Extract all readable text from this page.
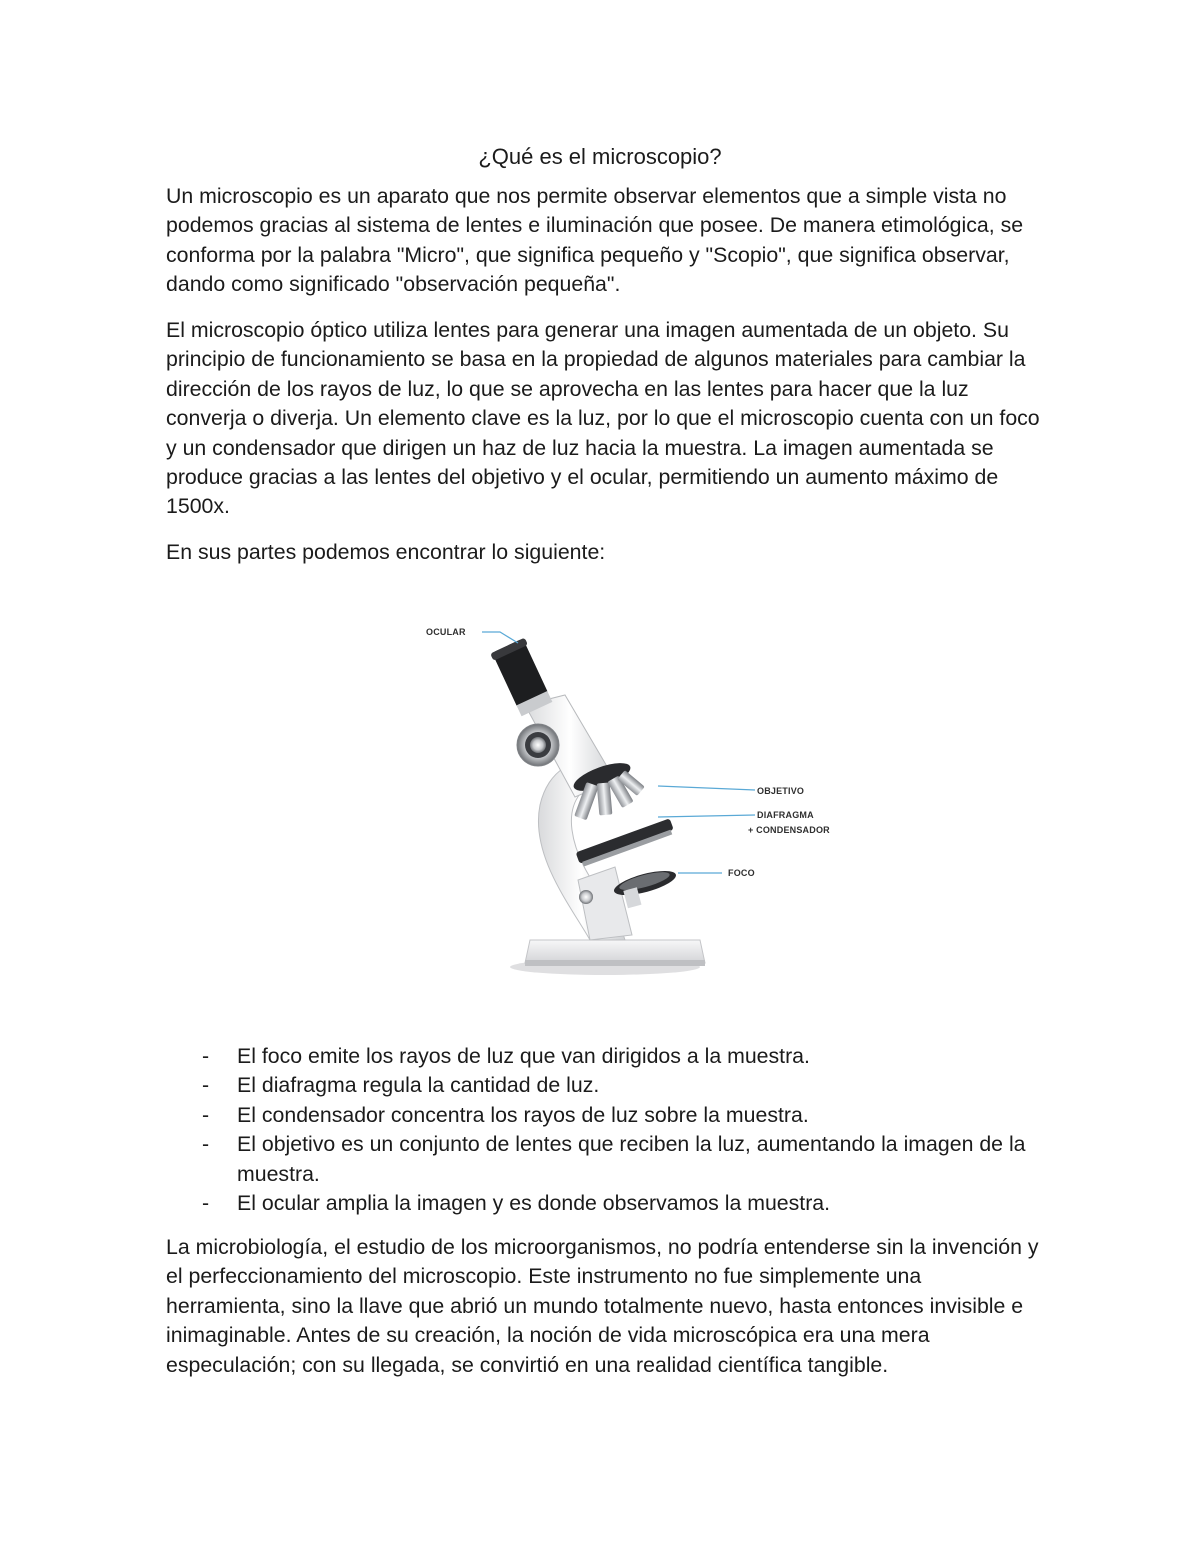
¿Qué es el microscopio?

Un microscopio es un aparato que nos permite observar elementos que a simple vista no podemos gracias al sistema de lentes e iluminación que posee. De manera etimológica, se conforma por la palabra "Micro", que significa pequeño y "Scopio", que significa observar, dando como significado "observación pequeña".

El microscopio óptico utiliza lentes para generar una imagen aumentada de un objeto. Su principio de funcionamiento se basa en la propiedad de algunos materiales para cambiar la dirección de los rayos de luz, lo que se aprovecha en las lentes para hacer que la luz converja o diverja. Un elemento clave es la luz, por lo que el microscopio cuenta con un foco y un condensador que dirigen un haz de luz hacia la muestra. La imagen aumentada se produce gracias a las lentes del objetivo y el ocular, permitiendo un aumento máximo de 1500x.

En sus partes podemos encontrar lo siguiente:

OCULAR
OBJETIVO
DIAFRAGMA
+ CONDENSADOR
FOCO
- El foco emite los rayos de luz que van dirigidos a la muestra.
- El diafragma regula la cantidad de luz.
- El condensador concentra los rayos de luz sobre la muestra.
- El objetivo es un conjunto de lentes que reciben la luz, aumentando la imagen de la muestra.
- El ocular amplia la imagen y es donde observamos la muestra.

La microbiología, el estudio de los microorganismos, no podría entenderse sin la invención y el perfeccionamiento del microscopio. Este instrumento no fue simplemente una herramienta, sino la llave que abrió un mundo totalmente nuevo, hasta entonces invisible e inimaginable. Antes de su creación, la noción de vida microscópica era una mera especulación; con su llegada, se convirtió en una realidad científica tangible.
